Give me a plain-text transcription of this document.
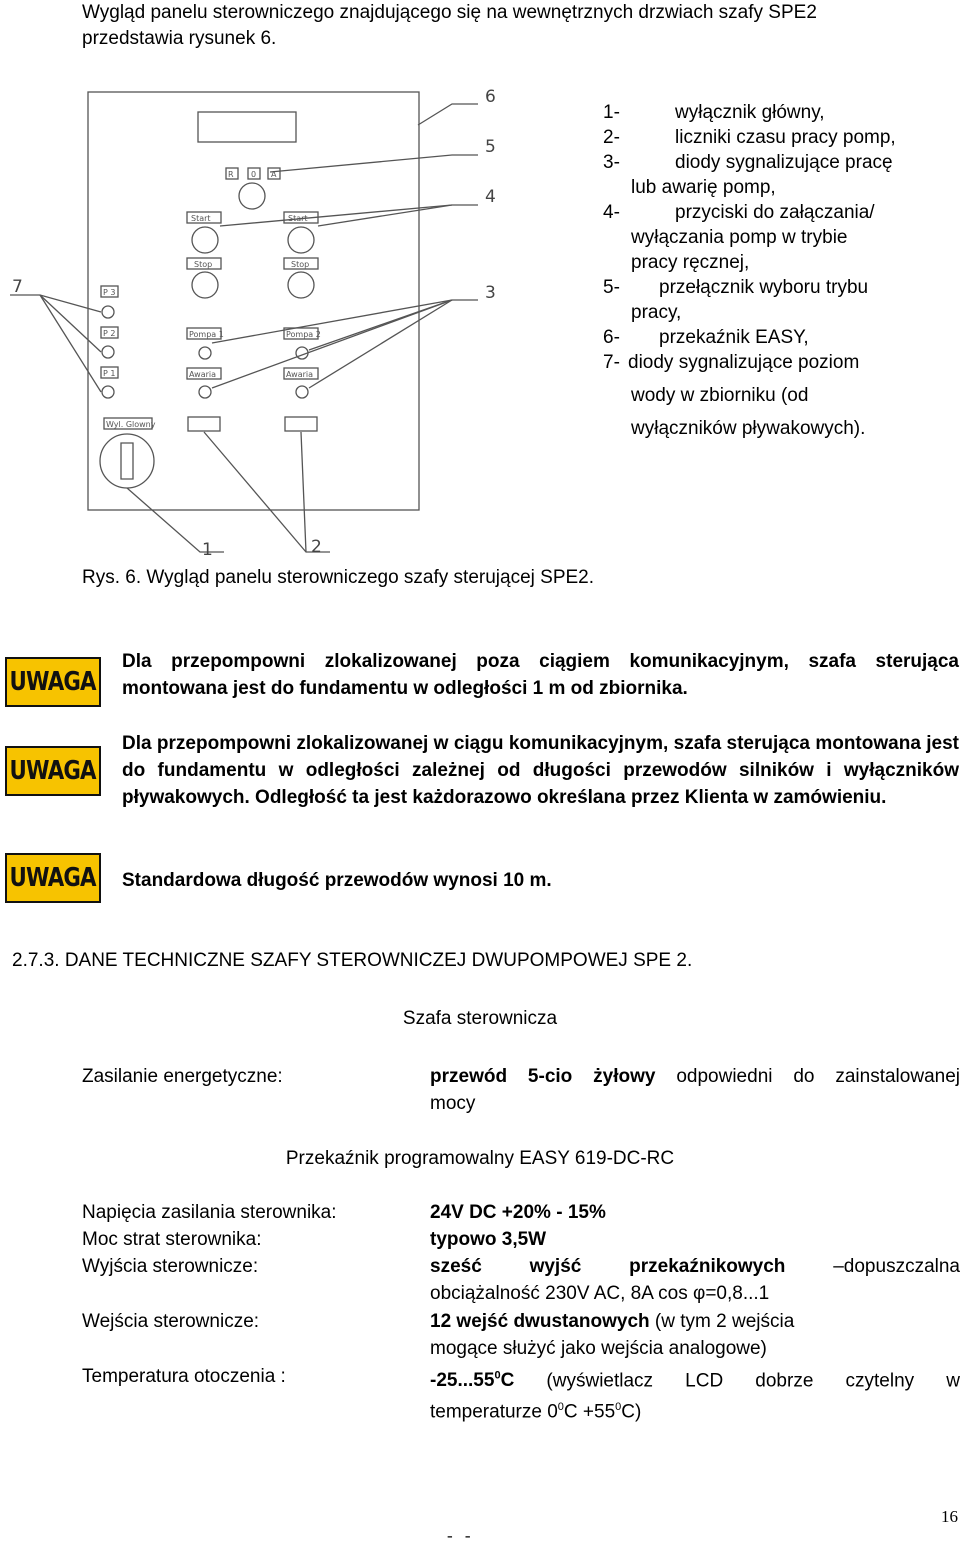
Wygląd panelu sterowniczego znajdującego się na wewnętrznych drzwiach szafy SPE2
przedstawia rysunek 6.
R 0 A
Start	Start
Stop	Stop
Pompa 1	Pompa 2
Awaria	Awaria
P 3
P 2
P 1
Wyl. Glowny
1	2
3
4
5
6
7
1-	wyłącznik główny,
2-	liczniki czasu pracy pomp,
3-	diody sygnalizujące pracę
lub awarię pomp,
4-	przyciski do załączania/
wyłączania pomp w trybie
pracy ręcznej,
5- przełącznik wyboru trybu
pracy,
6- przekaźnik EASY,
7- diody sygnalizujące poziom
wody w zbiorniku (od
wyłączników pływakowych).
Rys. 6. Wygląd panelu sterowniczego szafy sterującej SPE2.
UWAGA

Dla przepompowni zlokalizowanej poza ciągiem komunikacyjnym, szafa sterująca montowana jest do fundamentu w odległości 1 m od zbiornika.

UWAGA

Dla przepompowni zlokalizowanej w ciągu komunikacyjnym, szafa sterująca montowana jest do fundamentu w odległości zależnej od długości przewodów silników i wyłączników pływakowych. Odległość ta jest każdorazowo określana przez Klienta w zamówieniu.

UWAGA Standardowa długość przewodów wynosi 10 m.

2.7.3. DANE TECHNICZNE SZAFY STEROWNICZEJ DWUPOMPOWEJ SPE 2.
Szafa sterownicza
Zasilanie energetyczne:	przewód 5-cio żyłowy odpowiedni do zainstalowanej
mocy
Przekaźnik programowalny EASY 619-DC-RC
Napięcia zasilania sterownika:	24V DC +20% - 15%
Moc strat sterownika:	typowo 3,5W
Wyjścia sterownicze:	sześć wyjść przekaźnikowych	–dopuszczalna
obciążalność 230V AC, 8A cos φ=0,8...1
Wejścia sterownicze:	12 wejść dwustanowych (w tym 2 wejścia
mogące służyć jako wejścia analogowe)
Temperatura otoczenia :	-25...55$^0$C (wyświetlacz LCD dobrze czytelny w
temperaturze $0^0C +55^0C$)
16
- -
